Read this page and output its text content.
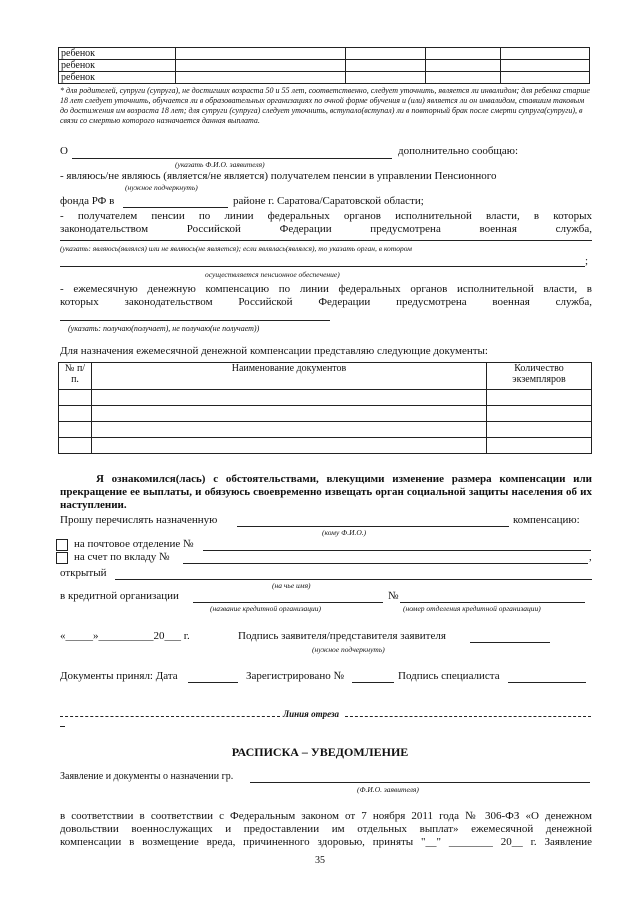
ребенок				
ребенок				
ребенок				
* для родителей, супруги (супруга), не достигших возраста 50 и 55 лет, соответственно, следует уточнить, является ли инвалидом; для ребенка старше 18 лет следует уточнить, обучается ли в образовательных организациях по очной форме обучения и (или) является ли он инвалидом, ставшим таковым до достижения им возраста 18 лет; для супруги (супруга) следует уточнить, вступало(вступал) ли в повторный брак после смерти супруга(супруги), в связи со смертью которого назначается данная выплата.
О	дополнительно сообщаю:
(указать Ф.И.О. заявителя)
- являюсь/не являюсь (является/не является) получателем пенсии в управлении Пенсионного
(нужное подчеркнуть)
фонда РФ в	районе г. Саратова/Саратовской области;
- получателем пенсии по линии федеральных органов исполнительной власти, в которых
законодательством Российской Федерации предусмотрена военная служба,
(указать: являюсь(являлся) или не являюсь(не является); если являлась(являлся), то указать орган, в котором
;
осуществляется пенсионное обеспечение)
- ежемесячную денежную компенсацию по линии федеральных органов исполнительной власти, в
которых законодательством Российской Федерации предусмотрена военная служба,
(указать: получаю(получает), не получаю(не получает))
Для назначения ежемесячной денежной компенсации представляю следующие документы:
№ п/п.	Наименование документов	Количество экземпляров

Я ознакомился(лась) с обстоятельствами, влекущими изменение размера компенсации или прекращение ее выплаты, и обязуюсь своевременно извещать орган социальной защиты населения об их наступлении.
Прошу перечислять назначенную	компенсацию:
(кому Ф.И.О.)
на почтовое отделение №
на счет по вкладу №	,
открытый
(на чье имя)
в кредитной организации	№
(название кредитной организации)	(номер отделения кредитной организации)
«_____»__________20___ г.	Подпись заявителя/представителя заявителя
(нужное подчеркнуть)
Документы принял: Дата	Зарегистрировано №	Подпись специалиста
Линия отреза
РАСПИСКА – УВЕДОМЛЕНИЕ
Заявление и документы о назначении гр.
(Ф.И.О. заявителя)
в соответствии в соответствии с Федеральным законом от 7 ноября 2011 года № 306-ФЗ «О денежном
довольствии военнослужащих и предоставлении им отдельных выплат» ежемесячной денежной
компенсации в возмещение вреда, причиненного здоровью, приняты "__" ________ 20__ г. Заявление
35
